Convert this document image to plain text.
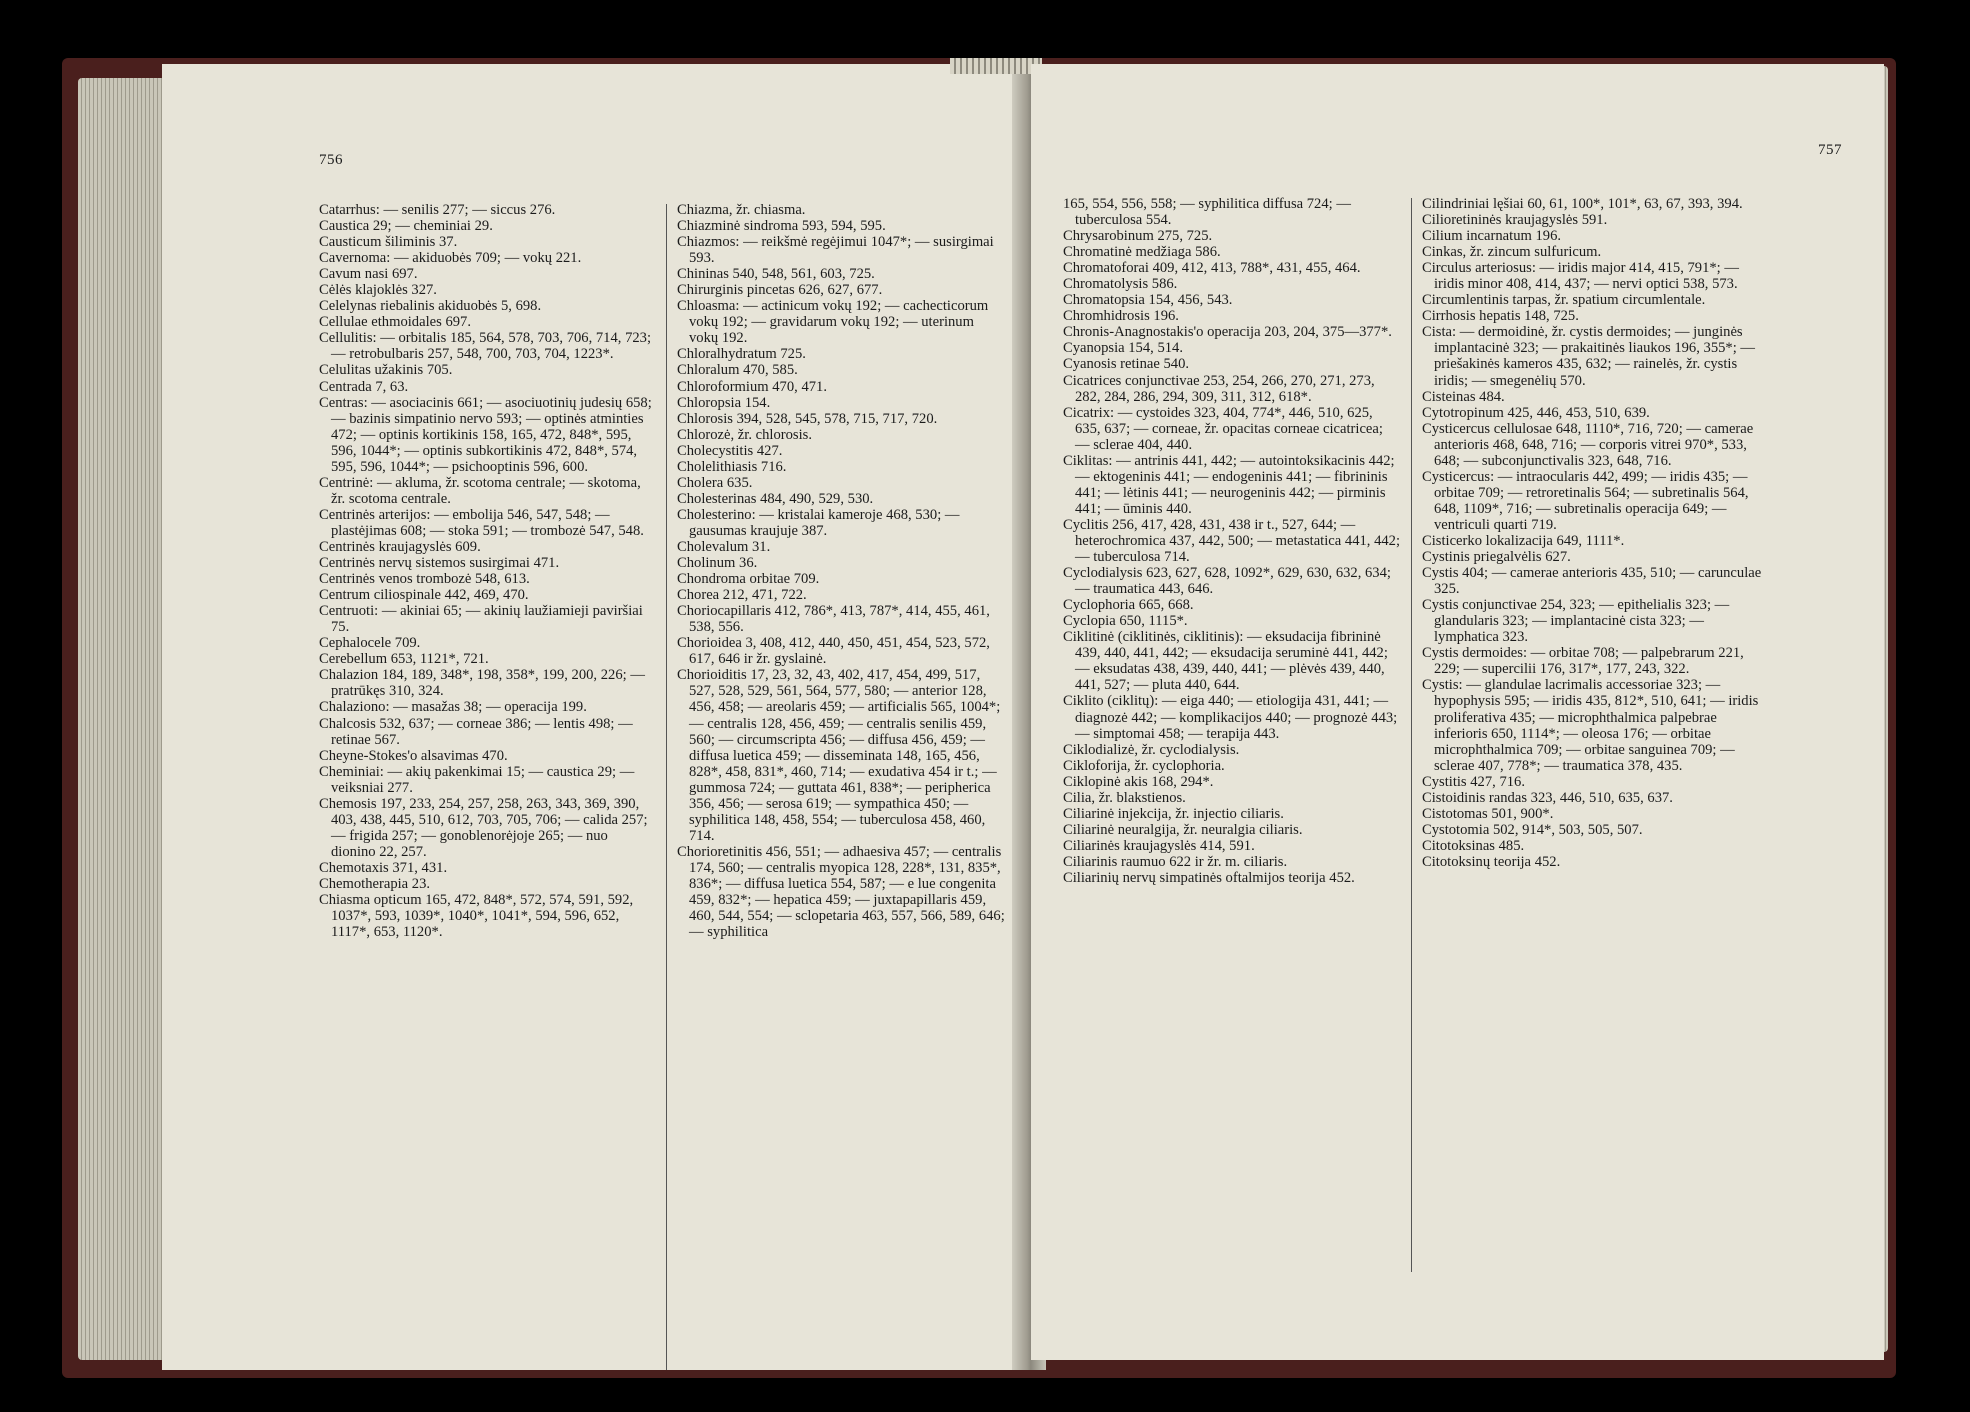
756

Catarrhus: — senilis 277; — siccus 276.

Caustica 29; — cheminiai 29.

Causticum šiliminis 37.

Cavernoma: — akiduobės 709; — vokų 221.

Cavum nasi 697.

Cėlės klajoklės 327.

Celelynas riebalinis akiduobės 5, 698.

Cellulae ethmoidales 697.

Cellulitis: — orbitalis 185, 564, 578, 703, 706, 714, 723; — retrobulbaris 257, 548, 700, 703, 704, 1223*.

Celulitas užakinis 705.

Centrada 7, 63.

Centras: — asociacinis 661; — asociuotinių judesių 658; — bazinis simpatinio nervo 593; — optinės atminties 472; — optinis kortikinis 158, 165, 472, 848*, 595, 596, 1044*; — optinis subkortikinis 472, 848*, 574, 595, 596, 1044*; — psichooptinis 596, 600.

Centrinė: — akluma, žr. scotoma centrale; — skotoma, žr. scotoma centrale.

Centrinės arterijos: — embolija 546, 547, 548; — plastėjimas 608; — stoka 591; — trombozė 547, 548.

Centrinės kraujagyslės 609.

Centrinės nervų sistemos susirgimai 471.

Centrinės venos trombozė 548, 613.

Centrum ciliospinale 442, 469, 470.

Centruoti: — akiniai 65; — akinių laužiamieji paviršiai 75.

Cephalocele 709.

Cerebellum 653, 1121*, 721.

Chalazion 184, 189, 348*, 198, 358*, 199, 200, 226; — pratrūkęs 310, 324.

Chalaziono: — masažas 38; — operacija 199.

Chalcosis 532, 637; — corneae 386; — lentis 498; — retinae 567.

Cheyne-Stokes'o alsavimas 470.

Cheminiai: — akių pakenkimai 15; — caustica 29; — veiksniai 277.

Chemosis 197, 233, 254, 257, 258, 263, 343, 369, 390, 403, 438, 445, 510, 612, 703, 705, 706; — calida 257; — frigida 257; — gonoblenorėjoje 265; — nuo dionino 22, 257.

Chemotaxis 371, 431.

Chemotherapia 23.

Chiasma opticum 165, 472, 848*, 572, 574, 591, 592, 1037*, 593, 1039*, 1040*, 1041*, 594, 596, 652, 1117*, 653, 1120*.

Chiazma, žr. chiasma.

Chiazminė sindroma 593, 594, 595.

Chiazmos: — reikšmė regėjimui 1047*; — susirgimai 593.

Chininas 540, 548, 561, 603, 725.

Chirurginis pincetas 626, 627, 677.

Chloasma: — actinicum vokų 192; — cachecticorum vokų 192; — gravidarum vokų 192; — uterinum vokų 192.

Chloralhydratum 725.

Chloralum 470, 585.

Chloroformium 470, 471.

Chloropsia 154.

Chlorosis 394, 528, 545, 578, 715, 717, 720.

Chlorozė, žr. chlorosis.

Cholecystitis 427.

Cholelithiasis 716.

Cholera 635.

Cholesterinas 484, 490, 529, 530.

Cholesterino: — kristalai kameroje 468, 530; — gausumas kraujuje 387.

Cholevalum 31.

Cholinum 36.

Chondroma orbitae 709.

Chorea 212, 471, 722.

Choriocapillaris 412, 786*, 413, 787*, 414, 455, 461, 538, 556.

Chorioidea 3, 408, 412, 440, 450, 451, 454, 523, 572, 617, 646 ir žr. gyslainė.

Chorioiditis 17, 23, 32, 43, 402, 417, 454, 499, 517, 527, 528, 529, 561, 564, 577, 580; — anterior 128, 456, 458; — areolaris 459; — artificialis 565, 1004*; — centralis 128, 456, 459; — centralis senilis 459, 560; — circumscripta 456; — diffusa 456, 459; — diffusa luetica 459; — disseminata 148, 165, 456, 828*, 458, 831*, 460, 714; — exudativa 454 ir t.; — gummosa 724; — guttata 461, 838*; — peripherica 356, 456; — serosa 619; — sympathica 450; — syphilitica 148, 458, 554; — tuberculosa 458, 460, 714.

Chorioretinitis 456, 551; — adhaesiva 457; — centralis 174, 560; — centralis myopica 128, 228*, 131, 835*, 836*; — diffusa luetica 554, 587; — e lue congenita 459, 832*; — hepatica 459; — juxtapapillaris 459, 460, 544, 554; — sclopetaria 463, 557, 566, 589, 646; — syphilitica

757

165, 554, 556, 558; — syphilitica diffusa 724; — tuberculosa 554.

Chrysarobinum 275, 725.

Chromatinė medžiaga 586.

Chromatoforai 409, 412, 413, 788*, 431, 455, 464.

Chromatolysis 586.

Chromatopsia 154, 456, 543.

Chromhidrosis 196.

Chronis-Anagnostakis'o operacija 203, 204, 375—377*.

Cyanopsia 154, 514.

Cyanosis retinae 540.

Cicatrices conjunctivae 253, 254, 266, 270, 271, 273, 282, 284, 286, 294, 309, 311, 312, 618*.

Cicatrix: — cystoides 323, 404, 774*, 446, 510, 625, 635, 637; — corneae, žr. opacitas corneae cicatricea; — sclerae 404, 440.

Ciklitas: — antrinis 441, 442; — autointoksikacinis 442; — ektogeninis 441; — endogeninis 441; — fibrininis 441; — lėtinis 441; — neurogeninis 442; — pirminis 441; — ūminis 440.

Cyclitis 256, 417, 428, 431, 438 ir t., 527, 644; — heterochromica 437, 442, 500; — metastatica 441, 442; — tuberculosa 714.

Cyclodialysis 623, 627, 628, 1092*, 629, 630, 632, 634; — traumatica 443, 646.

Cyclophoria 665, 668.

Cyclopia 650, 1115*.

Ciklitinė (ciklitinės, ciklitinis): — eksudacija fibrininė 439, 440, 441, 442; — eksudacija seruminė 441, 442; — eksudatas 438, 439, 440, 441; — plėvės 439, 440, 441, 527; — pluta 440, 644.

Ciklito (ciklitų): — eiga 440; — etiologija 431, 441; — diagnozė 442; — komplikacijos 440; — prognozė 443; — simptomai 458; — terapija 443.

Ciklodializė, žr. cyclodialysis.

Cikloforija, žr. cyclophoria.

Ciklopinė akis 168, 294*.

Cilia, žr. blakstienos.

Ciliarinė injekcija, žr. injectio ciliaris.

Ciliarinė neuralgija, žr. neuralgia ciliaris.

Ciliarinės kraujagyslės 414, 591.

Ciliarinis raumuo 622 ir žr. m. ciliaris.

Ciliarinių nervų simpatinės oftalmijos teorija 452.

Cilindriniai lęšiai 60, 61, 100*, 101*, 63, 67, 393, 394.

Cilioretininės kraujagyslės 591.

Cilium incarnatum 196.

Cinkas, žr. zincum sulfuricum.

Circulus arteriosus: — iridis major 414, 415, 791*; — iridis minor 408, 414, 437; — nervi optici 538, 573.

Circumlentinis tarpas, žr. spatium circumlentale.

Cirrhosis hepatis 148, 725.

Cista: — dermoidinė, žr. cystis dermoides; — junginės implantacinė 323; — prakaitinės liaukos 196, 355*; — priešakinės kameros 435, 632; — rainelės, žr. cystis iridis; — smegenėlių 570.

Cisteinas 484.

Cytotropinum 425, 446, 453, 510, 639.

Cysticercus cellulosae 648, 1110*, 716, 720; — camerae anterioris 468, 648, 716; — corporis vitrei 970*, 533, 648; — subconjunctivalis 323, 648, 716.

Cysticercus: — intraocularis 442, 499; — iridis 435; — orbitae 709; — retroretinalis 564; — subretinalis 564, 648, 1109*, 716; — subretinalis operacija 649; — ventriculi quarti 719.

Cisticerko lokalizacija 649, 1111*.

Cystinis priegalvėlis 627.

Cystis 404; — camerae anterioris 435, 510; — carunculae 325.

Cystis conjunctivae 254, 323; — epithelialis 323; — glandularis 323; — implantacinė cista 323; — lymphatica 323.

Cystis dermoides: — orbitae 708; — palpebrarum 221, 229; — supercilii 176, 317*, 177, 243, 322.

Cystis: — glandulae lacrimalis accessoriae 323; — hypophysis 595; — iridis 435, 812*, 510, 641; — iridis proliferativa 435; — microphthalmica palpebrae inferioris 650, 1114*; — oleosa 176; — orbitae microphthalmica 709; — orbitae sanguinea 709; — sclerae 407, 778*; — traumatica 378, 435.

Cystitis 427, 716.

Cistoidinis randas 323, 446, 510, 635, 637.

Cistotomas 501, 900*.

Cystotomia 502, 914*, 503, 505, 507.

Citotoksinas 485.

Citotoksinų teorija 452.
